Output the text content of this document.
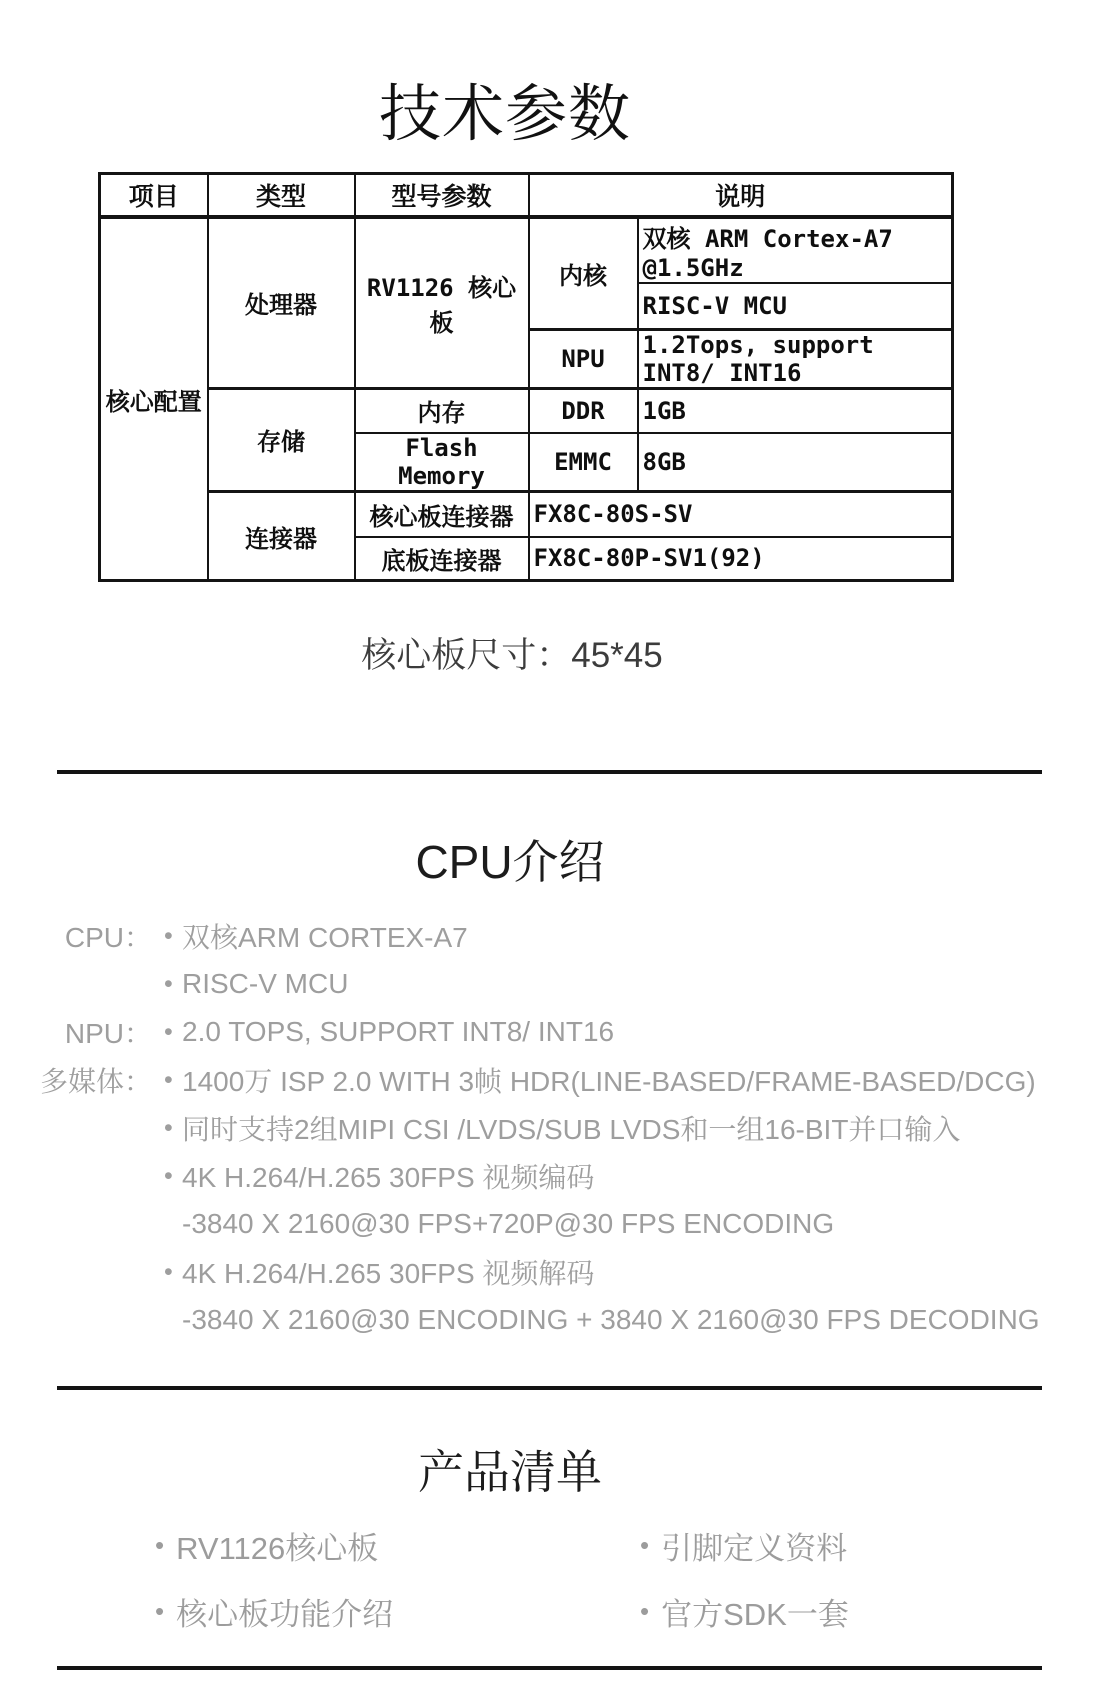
技术参数
项目	类型	型号参数	说明	
核心配置	处理器	RV1126 核心板	内核	双核 ARM Cortex-A7 @1.5GHz
				RISC-V MCU
			NPU	1.2Tops, support INT8/ INT16
	存储	内存	DDR	1GB
		Flash Memory	EMMC	8GB
	连接器	核心板连接器	FX8C-80S-SV	
		底板连接器	FX8C-80P-SV1(92)	
核心板尺寸：45*45
CPU介绍
CPU： • 双核ARM CORTEX-A7
• RISC-V MCU
NPU： • 2.0 TOPS, SUPPORT INT8/ INT16
多媒体： • 1400万 ISP 2.0 WITH 3帧 HDR(LINE-BASED/FRAME-BASED/DCG)
• 同时支持2组MIPI CSI /LVDS/SUB LVDS和一组16-BIT并口输入
• 4K H.264/H.265 30FPS 视频编码
-3840 X 2160@30 FPS+720P@30 FPS ENCODING
• 4K H.264/H.265 30FPS 视频解码
-3840 X 2160@30 ENCODING + 3840 X 2160@30 FPS DECODING
产品清单
• RV1126核心板	• 引脚定义资料
• 核心板功能介绍	• 官方SDK一套
